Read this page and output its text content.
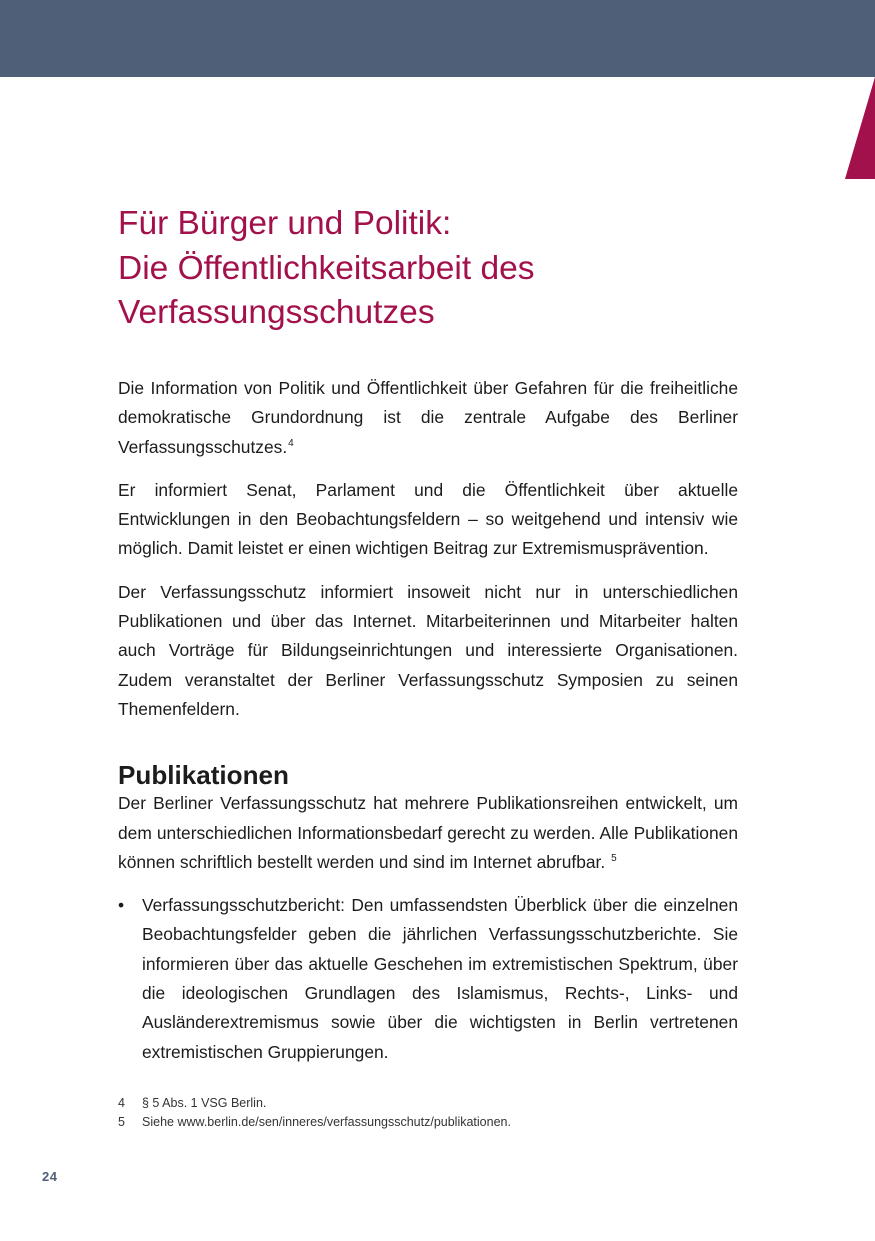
Für Bürger und Politik:
Die Öffentlichkeitsarbeit des
Verfassungsschutzes

Die Information von Politik und Öffentlichkeit über Gefahren für die freiheitliche demokratische Grundordnung ist die zentrale Aufgabe des Berliner Verfassungsschutzes.$^4$

Er informiert Senat, Parlament und die Öffentlichkeit über aktuelle Entwicklungen in den Beobachtungsfeldern – so weitgehend und intensiv wie möglich. Damit leistet er einen wichtigen Beitrag zur Extremismusprävention.

Der Verfassungsschutz informiert insoweit nicht nur in unterschiedlichen Publikationen und über das Internet. Mitarbeiterinnen und Mitarbeiter halten auch Vorträge für Bildungseinrichtungen und interessierte Organisationen. Zudem veranstaltet der Berliner Verfassungsschutz Symposien zu seinen Themenfeldern.

Publikationen

Der Berliner Verfassungsschutz hat mehrere Publikationsreihen entwickelt, um dem unterschiedlichen Informationsbedarf gerecht zu werden. Alle Publikationen können schriftlich bestellt werden und sind im Internet abrufbar. $^5$

• Verfassungsschutzbericht: Den umfassendsten Überblick über die einzelnen Beobachtungsfelder geben die jährlichen Verfassungsschutzberichte. Sie informieren über das aktuelle Geschehen im extremistischen Spektrum, über die ideologischen Grundlagen des Islamismus, Rechts-, Links- und Ausländerextremismus sowie über die wichtigsten in Berlin vertretenen extremistischen Gruppierungen.
4	§ 5 Abs. 1 VSG Berlin.
5	Siehe www.berlin.de/sen/inneres/verfassungsschutz/publikationen.
24
